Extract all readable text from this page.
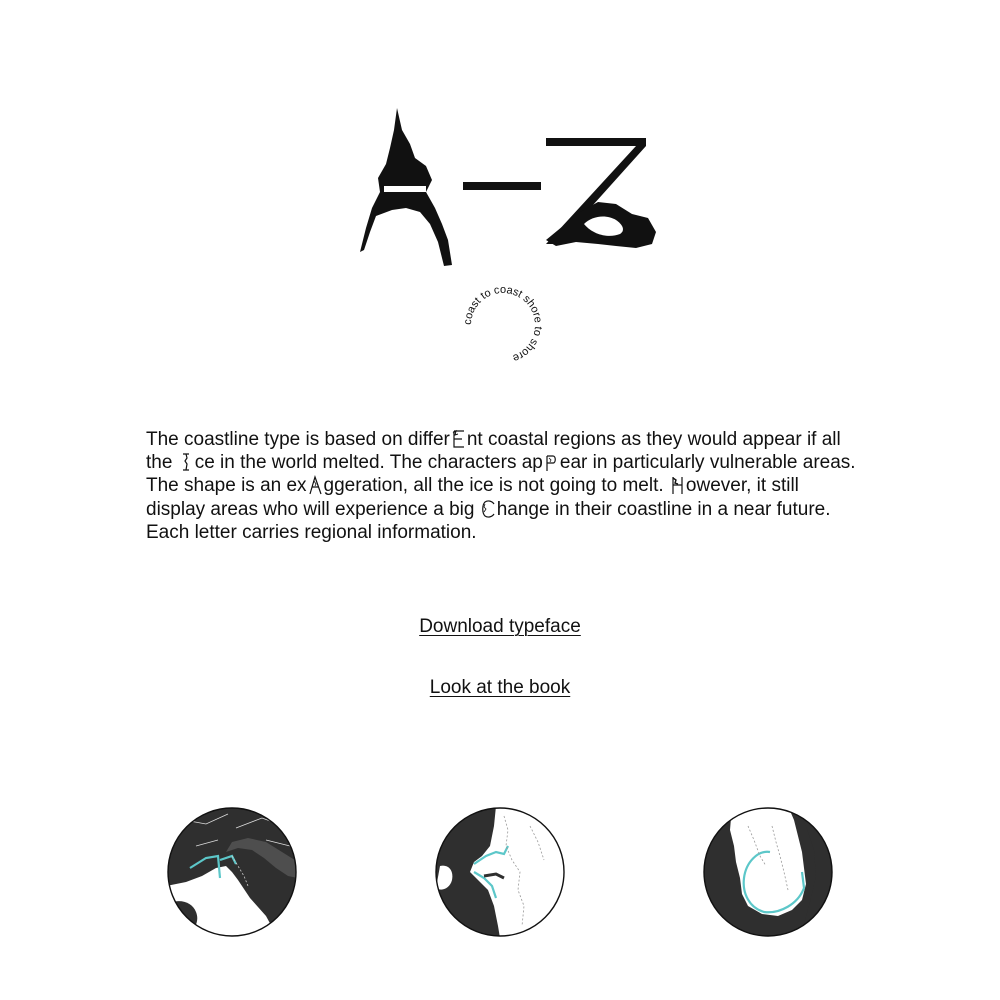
coast to coast shore to shore

The coastline type is based on differ nt coastal regions as they would appear if all the
ce in the world melted. The characters ap ear in particularly vulnerable areas. The shape is an ex ggeration, all the ice is not going to melt.
owever, it still display areas who will experience a big
hange in their coastline in a near future. Each letter carries regional information.

Download typeface
Look at the book
